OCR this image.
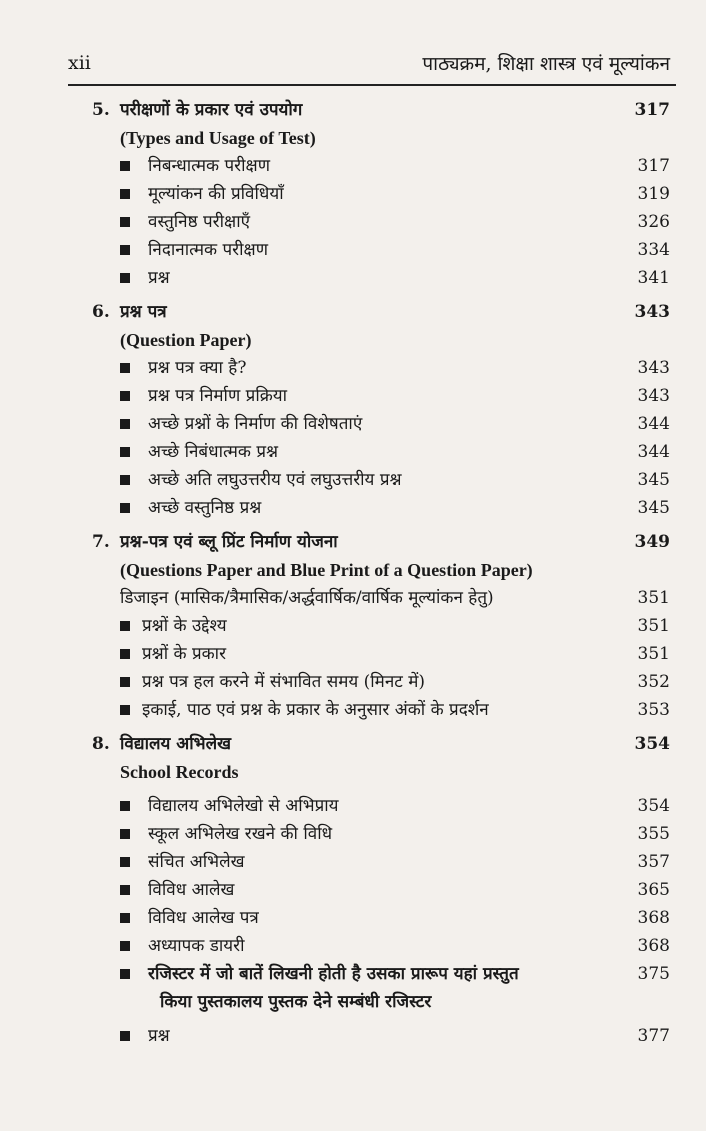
xii	पाठ्यक्रम, शिक्षा शास्त्र एवं मूल्यांकन
5. परीक्षणों के प्रकार एवं उपयोग	317
(Types and Usage of Test)
निबन्धात्मक परीक्षण	317
मूल्यांकन की प्रविधियाँ	319
वस्तुनिष्ठ परीक्षाएँ	326
निदानात्मक परीक्षण	334
प्रश्न	341
6. प्रश्न पत्र	343
(Question Paper)
प्रश्न पत्र क्या है?	343
प्रश्न पत्र निर्माण प्रक्रिया	343
अच्छे प्रश्नों के निर्माण की विशेषताएं	344
अच्छे निबंधात्मक प्रश्न	344
अच्छे अति लघुउत्तरीय एवं लघुउत्तरीय प्रश्न	345
अच्छे वस्तुनिष्ठ प्रश्न	345
7. प्रश्न-पत्र एवं ब्लू प्रिंट निर्माण योजना	349
(Questions Paper and Blue Print of a Question Paper)
डिजाइन (मासिक/त्रैमासिक/अर्द्धवार्षिक/वार्षिक मूल्यांकन हेतु)	351
प्रश्नों के उद्देश्य	351
प्रश्नों के प्रकार	351
प्रश्न पत्र हल करने में संभावित समय (मिनट में)	352
इकाई, पाठ एवं प्रश्न के प्रकार के अनुसार अंकों के प्रदर्शन	353
8. विद्यालय अभिलेख	354
School Records
विद्यालय अभिलेखो से अभिप्राय	354
स्कूल अभिलेख रखने की विधि	355
संचित अभिलेख	357
विविध आलेख	365
विविध आलेख पत्र	368
अध्यापक डायरी	368
रजिस्टर में जो बातें लिखनी होती है उसका प्रारूप यहां प्रस्तुत	375
किया पुस्तकालय पुस्तक देने सम्बंधी रजिस्टर
प्रश्न	377
